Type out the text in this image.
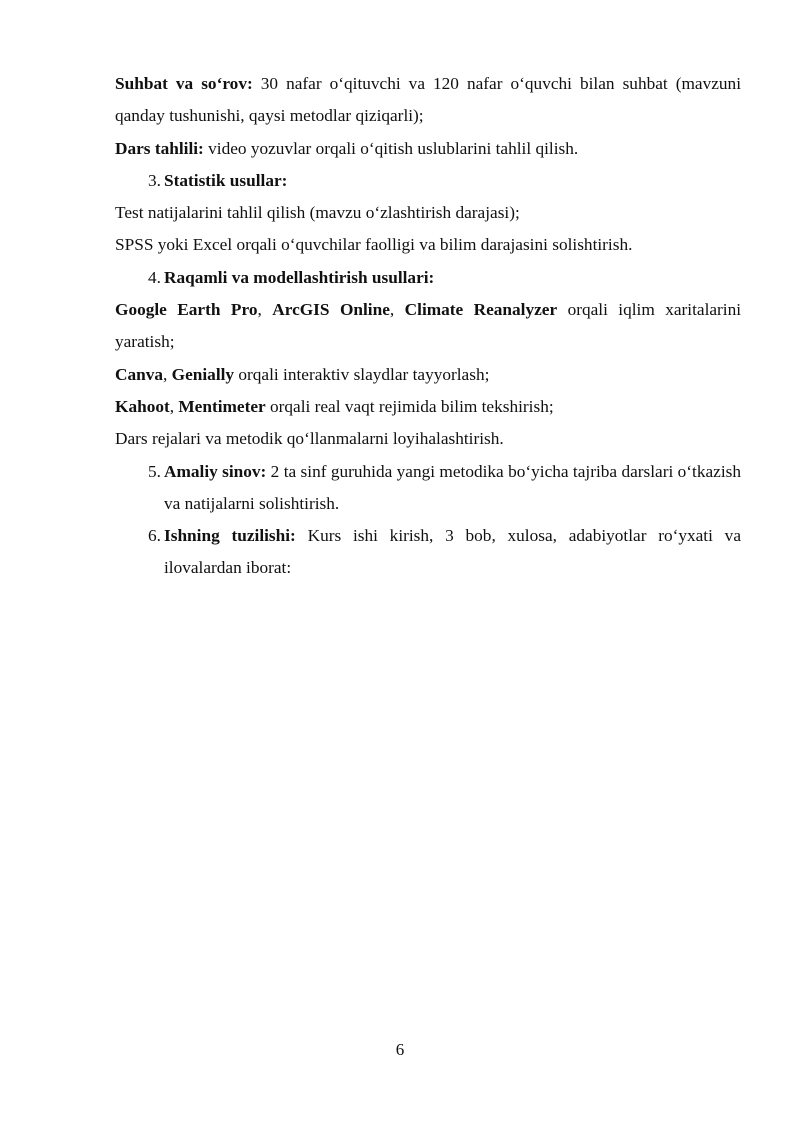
Suhbat va so‘rov: 30 nafar o‘qituvchi va 120 nafar o‘quvchi bilan suhbat (mavzuni qanday tushunishi, qaysi metodlar qiziqarli);

Dars tahlili: video yozuvlar orqali o‘qitish uslublarini tahlil qilish.

3. Statistik usullar:

Test natijalarini tahlil qilish (mavzu o‘zlashtirish darajasi);

SPSS yoki Excel orqali o‘quvchilar faolligi va bilim darajasini solishtirish.

4. Raqamli va modellashtirish usullari:

Google Earth Pro, ArcGIS Online, Climate Reanalyzer orqali iqlim xaritalarini yaratish;

Canva, Genially orqali interaktiv slaydlar tayyorlash;

Kahoot, Mentimeter orqali real vaqt rejimida bilim tekshirish;

Dars rejalari va metodik qo‘llanmalarni loyihalashtirish.

5. Amaliy sinov: 2 ta sinf guruhida yangi metodika bo‘yicha tajriba darslari o‘tkazish va natijalarni solishtirish.
6. Ishning tuzilishi: Kurs ishi kirish, 3 bob, xulosa, adabiyotlar ro‘yxati va ilovalardan iborat:
6
